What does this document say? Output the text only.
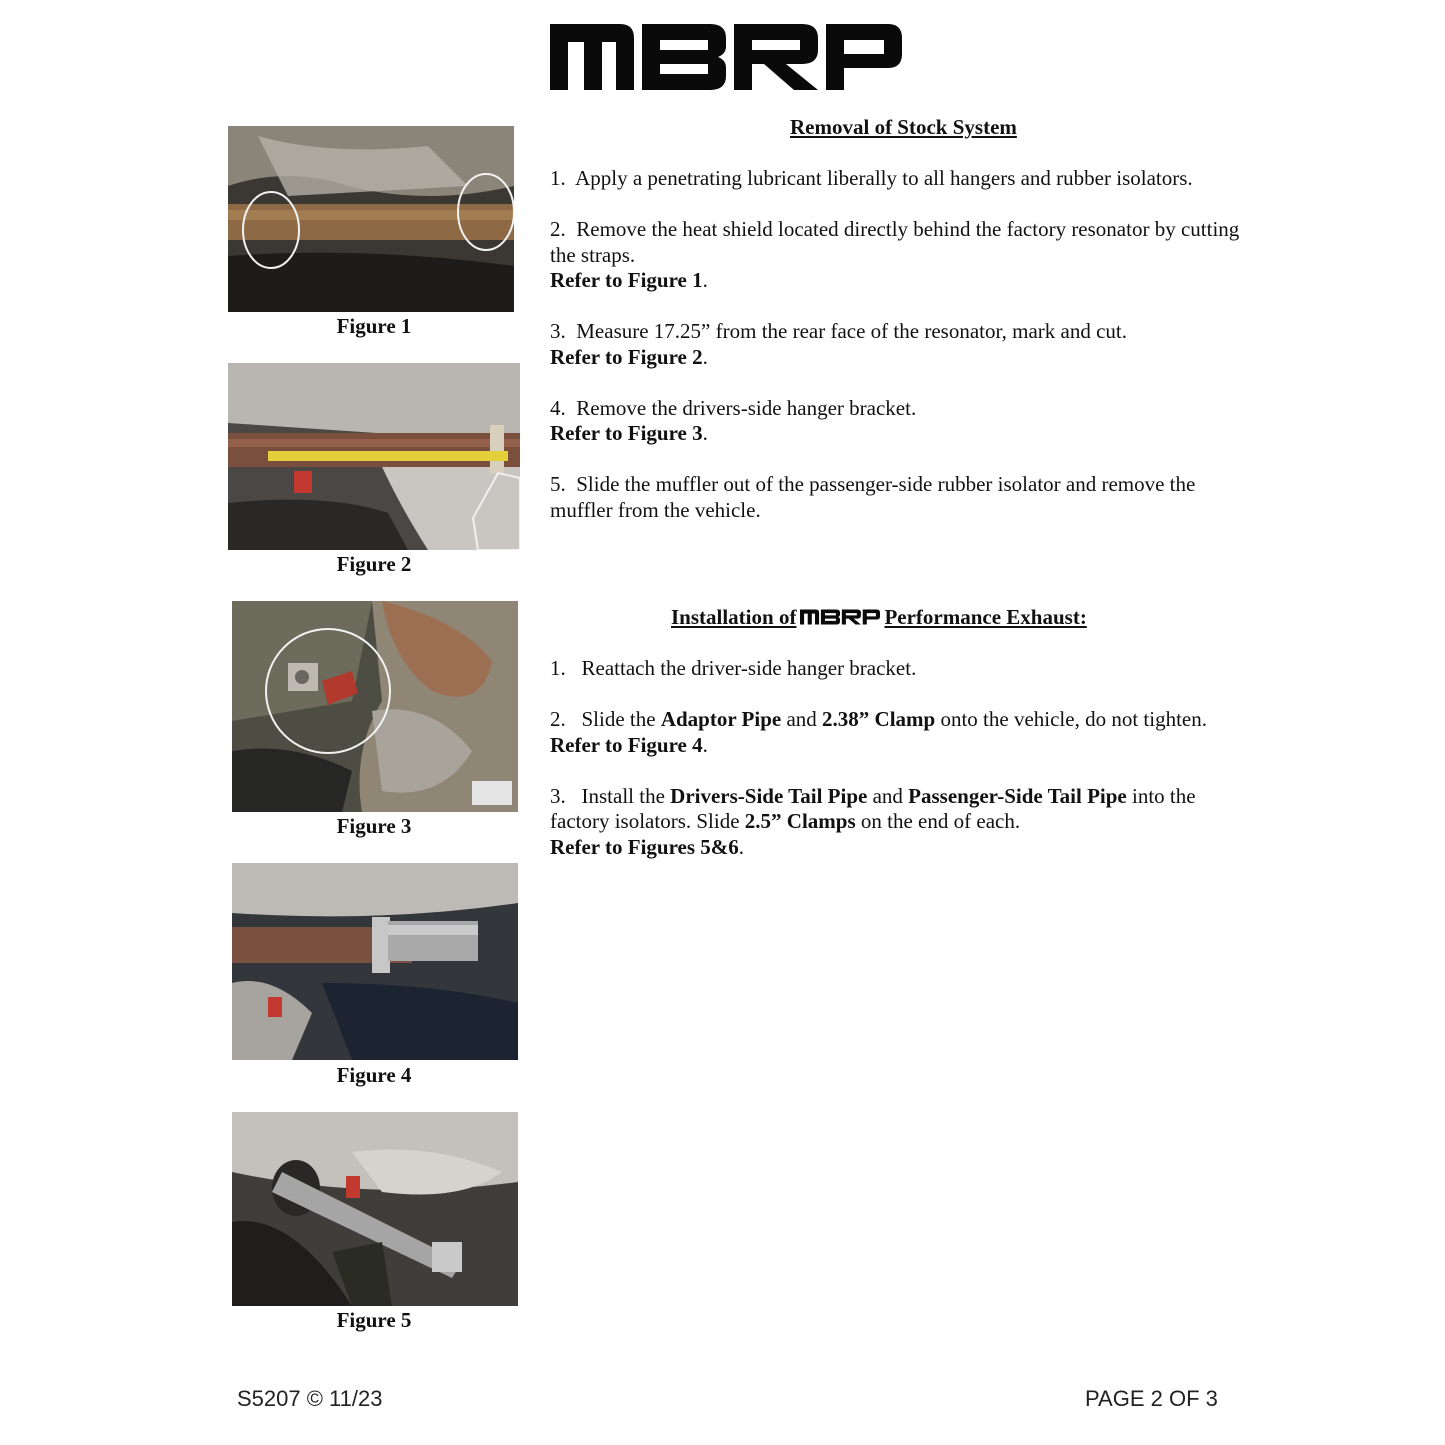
Figure 1
Figure 2
Figure 3
Figure 4
Figure 5
Removal of Stock System
1. Apply a penetrating lubricant liberally to all hangers and rubber isolators.
2. Remove the heat shield located directly behind the factory resonator by cutting the straps.
Refer to Figure 1.
3. Measure 17.25” from the rear face of the resonator, mark and cut.
Refer to Figure 2.
4. Remove the drivers-side hanger bracket.
Refer to Figure 3.
5. Slide the muffler out of the passenger-side rubber isolator and remove the muffler from the vehicle.
Installation of	Performance Exhaust:
1. Reattach the driver-side hanger bracket.
2. Slide the Adaptor Pipe and 2.38” Clamp onto the vehicle, do not tighten.
Refer to Figure 4.
3. Install the Drivers-Side Tail Pipe and Passenger-Side Tail Pipe into the factory isolators. Slide 2.5” Clamps on the end of each.
Refer to Figures 5&6.
S5207 © 11/23	PAGE 2 OF 3
